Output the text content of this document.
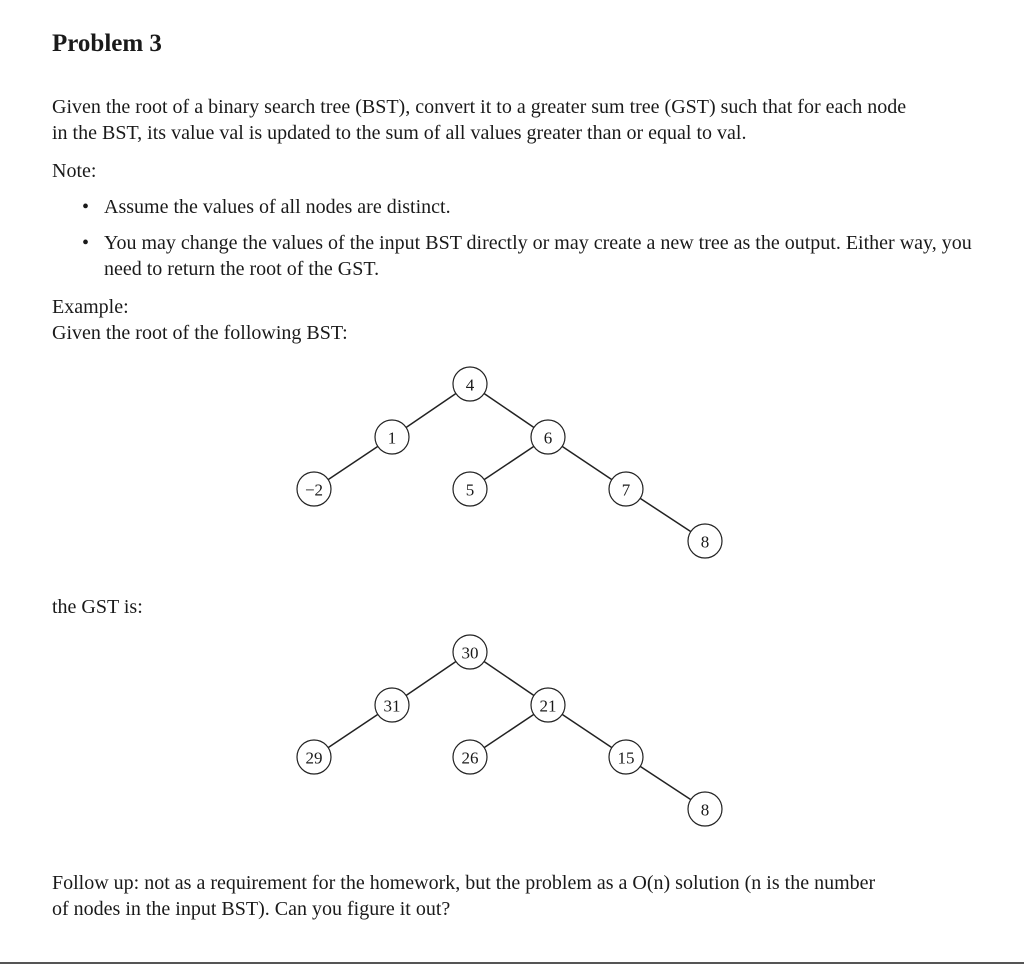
Problem 3

Given the root of a binary search tree (BST), convert it to a greater sum tree (GST) such that for each node
in the BST, its value val is updated to the sum of all values greater than or equal to val.

Note:

• Assume the values of all nodes are distinct.
• You may change the values of the input BST directly or may create a new tree as the output. Either way, you need to return the root of the GST.

Example:
Given the root of the following BST:

4
1	6
−2	5	7
8

the GST is:

30
31	21
29	26	15
8

Follow up: not as a requirement for the homework, but the problem as a O(n) solution (n is the number
of nodes in the input BST). Can you figure it out?
